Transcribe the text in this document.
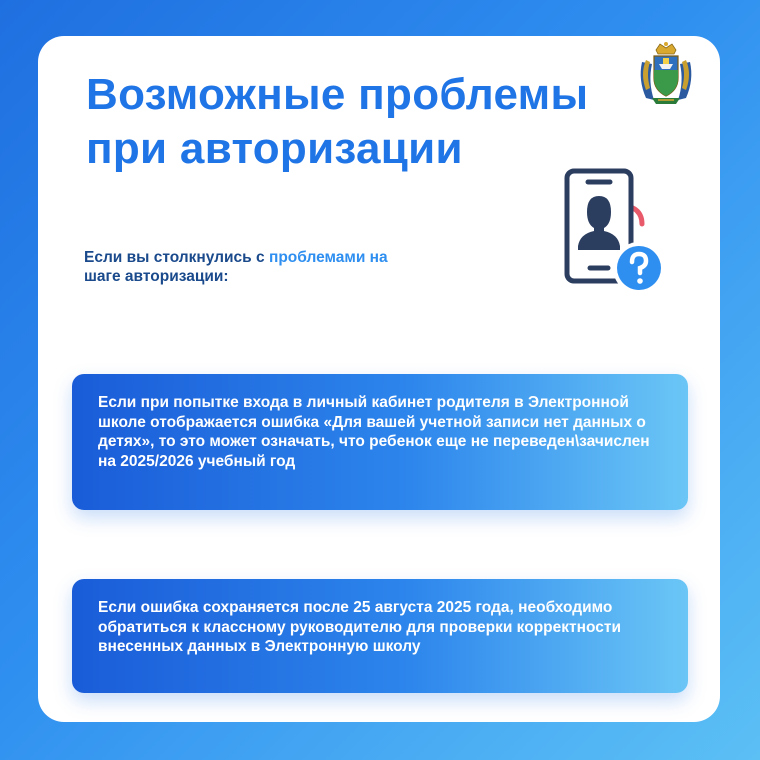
Возможные проблемы
при авторизации
Если вы столкнулись с проблемами на
шаге авторизации:
Если при попытке входа в личный кабинет родителя в Электронной школе отображается ошибка «Для вашей учетной записи нет данных о детях», то это может означать, что ребенок еще не переведен\зачислен на 2025/2026 учебный год
Если ошибка сохраняется после 25 августа 2025 года, необходимо обратиться к классному руководителю для проверки корректности внесенных данных в Электронную школу
